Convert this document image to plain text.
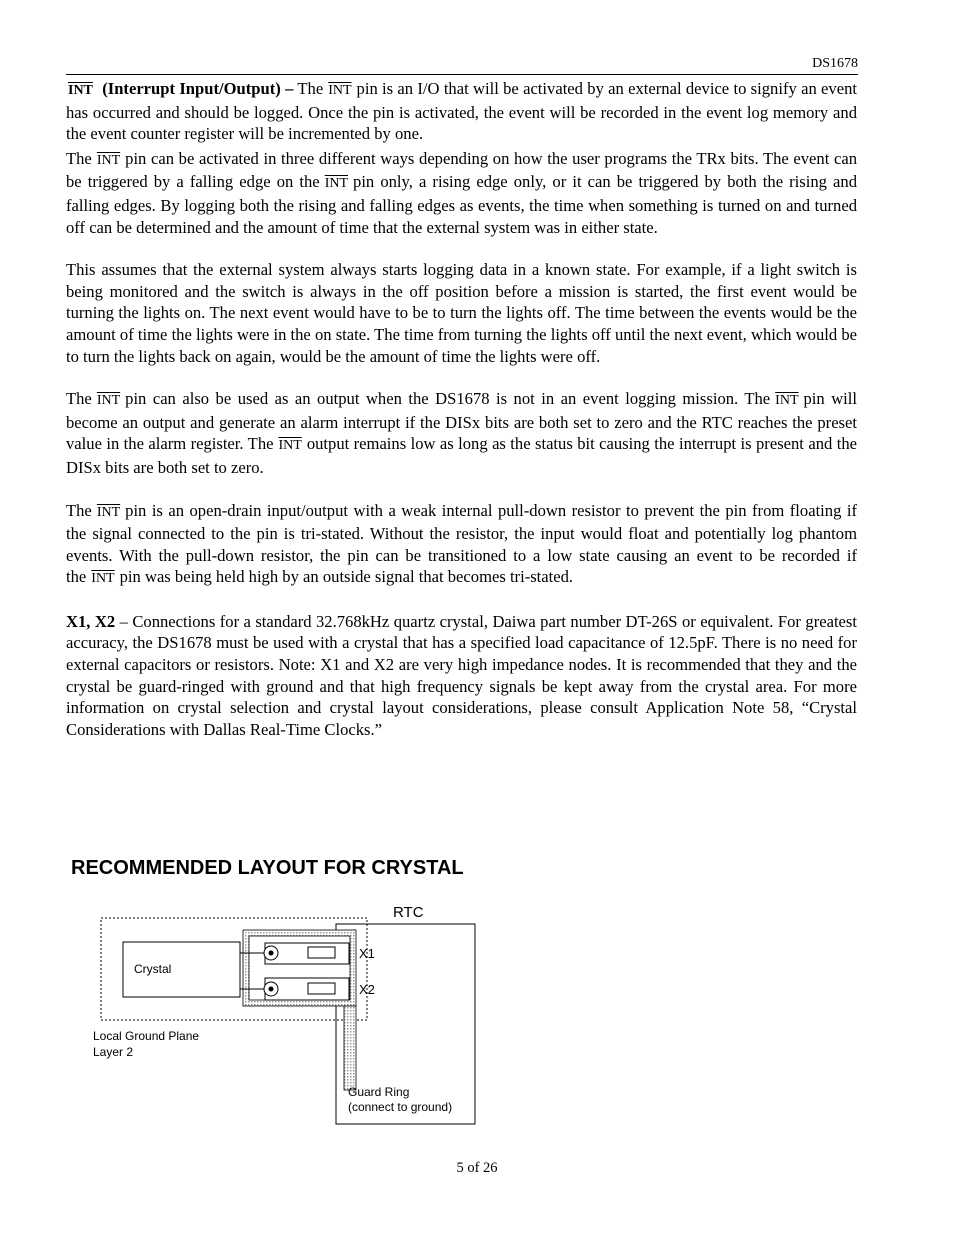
DS1678

$\overline{INT}$ (Interrupt Input/Output) – The $\overline{INT}$ pin is an I/O that will be activated by an external device to signify an event has occurred and should be logged. Once the pin is activated, the event will be recorded in the event log memory and the event counter register will be incremented by one.

The $\overline{INT}$ pin can be activated in three different ways depending on how the user programs the TRx bits. The event can be triggered by a falling edge on the $\overline{INT}$ pin only, a rising edge only, or it can be triggered by both the rising and falling edges. By logging both the rising and falling edges as events, the time when something is turned on and turned off can be determined and the amount of time that the external system was in either state.

This assumes that the external system always starts logging data in a known state. For example, if a light switch is being monitored and the switch is always in the off position before a mission is started, the first event would be turning the lights on. The next event would have to be to turn the lights off. The time between the events would be the amount of time the lights were in the on state. The time from turning the lights off until the next event, which would be to turn the lights back on again, would be the amount of time the lights were off.

The $\overline{INT}$ pin can also be used as an output when the DS1678 is not in an event logging mission. The $\overline{INT}$ pin will become an output and generate an alarm interrupt if the DISx bits are both set to zero and the RTC reaches the preset value in the alarm register. The $\overline{INT}$ output remains low as long as the status bit causing the interrupt is present and the DISx bits are both set to zero.

The $\overline{INT}$ pin is an open-drain input/output with a weak internal pull-down resistor to prevent the pin from floating if the signal connected to the pin is tri-stated. Without the resistor, the input would float and potentially log phantom events. With the pull-down resistor, the pin can be transitioned to a low state causing an event to be recorded if the $\overline{INT}$ pin was being held high by an outside signal that becomes tri-stated.

X1, X2 – Connections for a standard 32.768kHz quartz crystal, Daiwa part number DT-26S or equivalent. For greatest accuracy, the DS1678 must be used with a crystal that has a specified load capacitance of 12.5pF. There is no need for external capacitors or resistors. Note: X1 and X2 are very high impedance nodes. It is recommended that they and the crystal be guard-ringed with ground and that high frequency signals be kept away from the crystal area. For more information on crystal selection and crystal layout considerations, please consult Application Note 58, “Crystal Considerations with Dallas Real-Time Clocks.”

RECOMMENDED LAYOUT FOR CRYSTAL
RTC
Crystal
X1
X2
Local Ground Plane
Layer 2
Guard Ring
(connect to ground)
5 of 26
